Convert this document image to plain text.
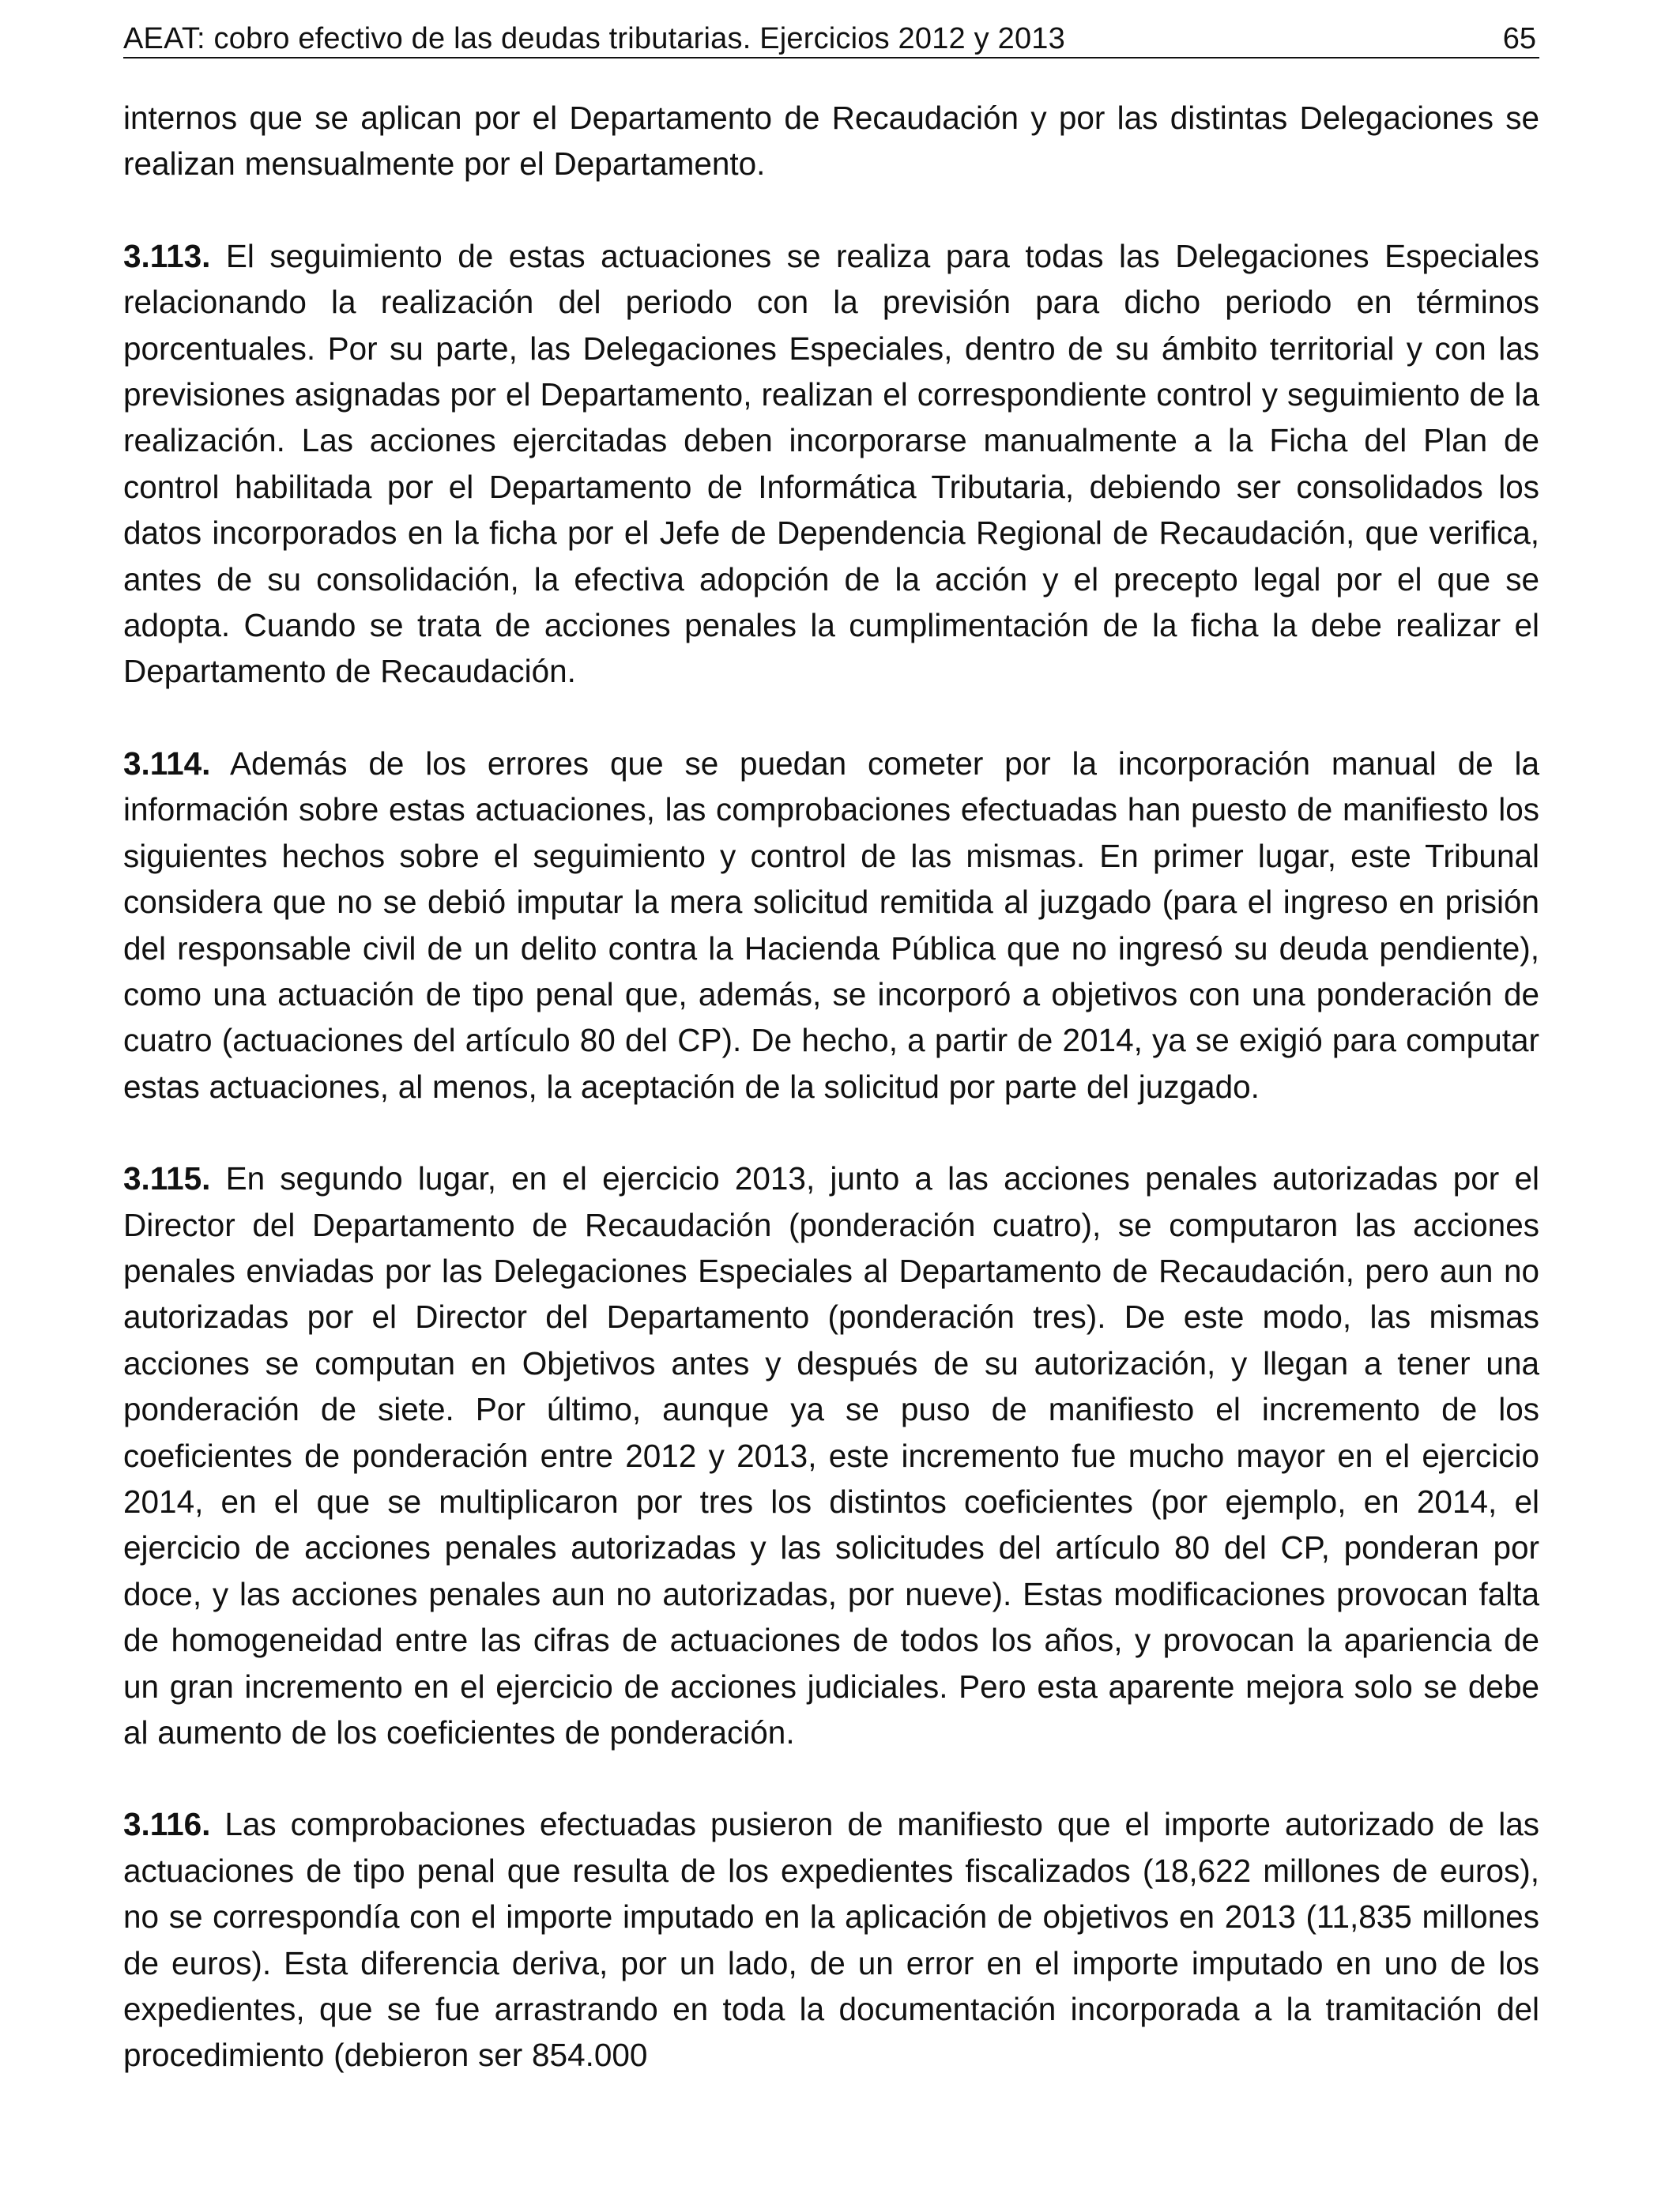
AEAT: cobro efectivo de las deudas tributarias. Ejercicios 2012 y 2013	65

internos que se aplican por el Departamento de Recaudación y por las distintas Delegaciones se realizan mensualmente por el Departamento.

3.113. El seguimiento de estas actuaciones se realiza para todas las Delegaciones Especiales relacionando la realización del periodo con la previsión para dicho periodo en términos porcentuales. Por su parte, las Delegaciones Especiales, dentro de su ámbito territorial y con las previsiones asignadas por el Departamento, realizan el correspondiente control y seguimiento de la realización. Las acciones ejercitadas deben incorporarse manualmente a la Ficha del Plan de control habilitada por el Departamento de Informática Tributaria, debiendo ser consolidados los datos incorporados en la ficha por el Jefe de Dependencia Regional de Recaudación, que verifica, antes de su consolidación, la efectiva adopción de la acción y el precepto legal por el que se adopta. Cuando se trata de acciones penales la cumplimentación de la ficha la debe realizar el Departamento de Recaudación.

3.114. Además de los errores que se puedan cometer por la incorporación manual de la información sobre estas actuaciones, las comprobaciones efectuadas han puesto de manifiesto los siguientes hechos sobre el seguimiento y control de las mismas. En primer lugar, este Tribunal considera que no se debió imputar la mera solicitud remitida al juzgado (para el ingreso en prisión del responsable civil de un delito contra la Hacienda Pública que no ingresó su deuda pendiente), como una actuación de tipo penal que, además, se incorporó a objetivos con una ponderación de cuatro (actuaciones del artículo 80 del CP). De hecho, a partir de 2014, ya se exigió para computar estas actuaciones, al menos, la aceptación de la solicitud por parte del juzgado.

3.115. En segundo lugar, en el ejercicio 2013, junto a las acciones penales autorizadas por el Director del Departamento de Recaudación (ponderación cuatro), se computaron las acciones penales enviadas por las Delegaciones Especiales al Departamento de Recaudación, pero aun no autorizadas por el Director del Departamento (ponderación tres). De este modo, las mismas acciones se computan en Objetivos antes y después de su autorización, y llegan a tener una ponderación de siete. Por último, aunque ya se puso de manifiesto el incremento de los coeficientes de ponderación entre 2012 y 2013, este incremento fue mucho mayor en el ejercicio 2014, en el que se multiplicaron por tres los distintos coeficientes (por ejemplo, en 2014, el ejercicio de acciones penales autorizadas y las solicitudes del artículo 80 del CP, ponderan por doce, y las acciones penales aun no autorizadas, por nueve). Estas modificaciones provocan falta de homogeneidad entre las cifras de actuaciones de todos los años, y provocan la apariencia de un gran incremento en el ejercicio de acciones judiciales. Pero esta aparente mejora solo se debe al aumento de los coeficientes de ponderación.

3.116. Las comprobaciones efectuadas pusieron de manifiesto que el importe autorizado de las actuaciones de tipo penal que resulta de los expedientes fiscalizados (18,622 millones de euros), no se correspondía con el importe imputado en la aplicación de objetivos en 2013 (11,835 millones de euros). Esta diferencia deriva, por un lado, de un error en el importe imputado en uno de los expedientes, que se fue arrastrando en toda la documentación incorporada a la tramitación del procedimiento (debieron ser 854.000
